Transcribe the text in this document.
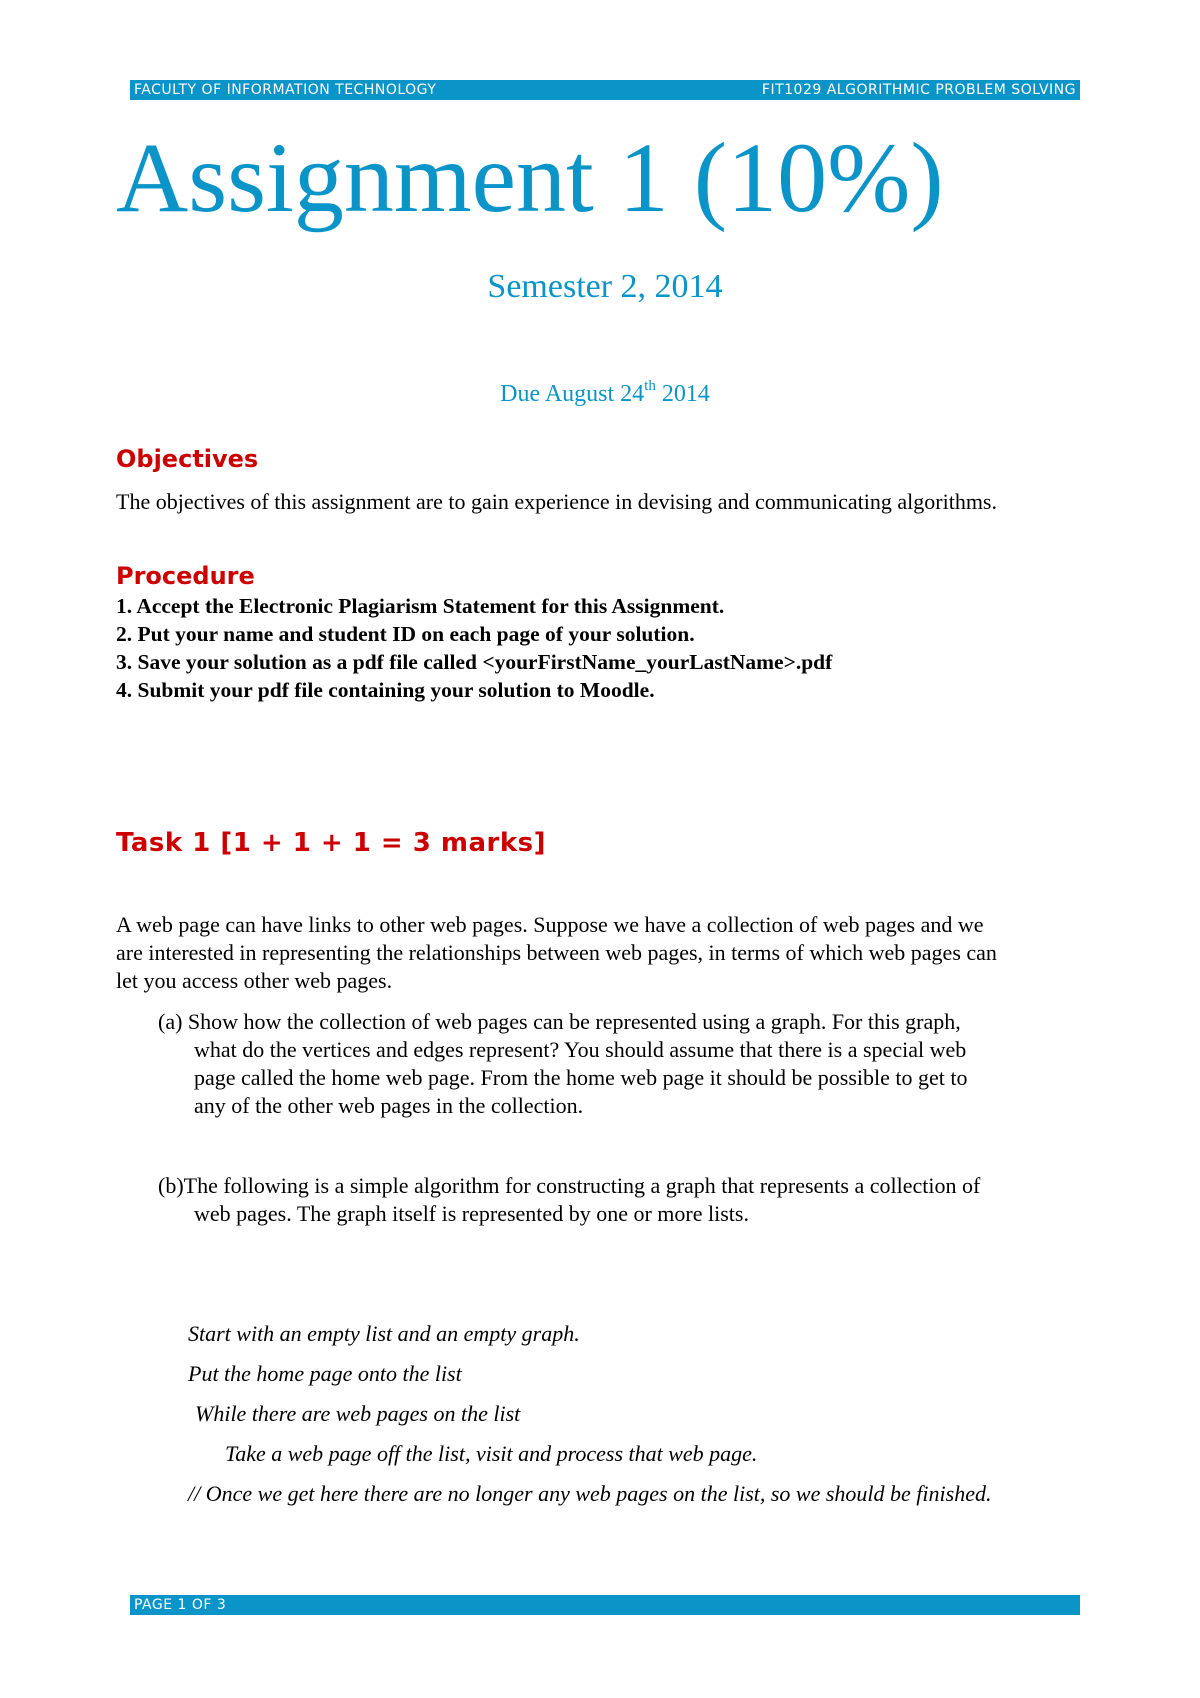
FACULTY OF INFORMATION TECHNOLOGY	FIT1029 ALGORITHMIC PROBLEM SOLVING
Assignment 1 (10%)
Semester 2, 2014
Due August 24th 2014
Objectives
The objectives of this assignment are to gain experience in devising and communicating algorithms.
Procedure
1. Accept the Electronic Plagiarism Statement for this Assignment.
2. Put your name and student ID on each page of your solution.
3. Save your solution as a pdf file called <yourFirstName_yourLastName>.pdf
4. Submit your pdf file containing your solution to Moodle.
Task 1 [1 + 1 + 1 = 3 marks]
A web page can have links to other web pages. Suppose we have a collection of web pages and we
are interested in representing the relationships between web pages, in terms of which web pages can
let you access other web pages.
(a) Show how the collection of web pages can be represented using a graph. For this graph,
what do the vertices and edges represent? You should assume that there is a special web
page called the home web page. From the home web page it should be possible to get to
any of the other web pages in the collection.
(b)The following is a simple algorithm for constructing a graph that represents a collection of
web pages. The graph itself is represented by one or more lists.
Start with an empty list and an empty graph.
Put the home page onto the list
While there are web pages on the list
Take a web page off the list, visit and process that web page.
// Once we get here there are no longer any web pages on the list, so we should be finished.
PAGE 1 OF 3
